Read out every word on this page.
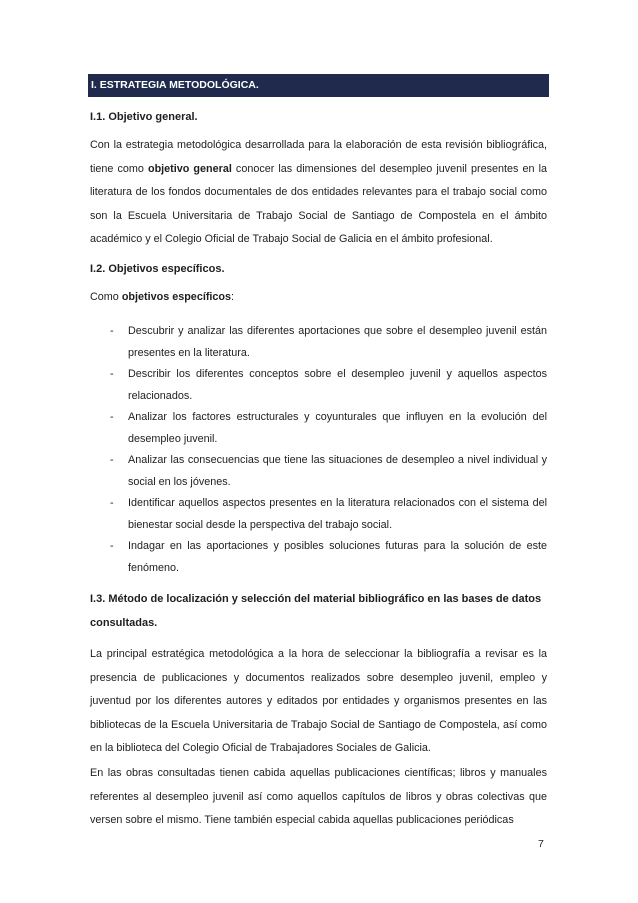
I. ESTRATEGIA METODOLÓGICA.
I.1. Objetivo general.

Con la estrategia metodológica desarrollada para la elaboración de esta revisión bibliográfica, tiene como objetivo general conocer las dimensiones del desempleo juvenil presentes en la literatura de los fondos documentales de dos entidades relevantes para el trabajo social como son la Escuela Universitaria de Trabajo Social de Santiago de Compostela en el ámbito académico y el Colegio Oficial de Trabajo Social de Galicia en el ámbito profesional.

I.2. Objetivos específicos.

Como objetivos específicos:

- Descubrir y analizar las diferentes aportaciones que sobre el desempleo juvenil están presentes en la literatura.
- Describir los diferentes conceptos sobre el desempleo juvenil y aquellos aspectos relacionados.
- Analizar los factores estructurales y coyunturales que influyen en la evolución del desempleo juvenil.
- Analizar las consecuencias que tiene las situaciones de desempleo a nivel individual y social en los jóvenes.
- Identificar aquellos aspectos presentes en la literatura relacionados con el sistema del bienestar social desde la perspectiva del trabajo social.
- Indagar en las aportaciones y posibles soluciones futuras para la solución de este fenómeno.
I.3. Método de localización y selección del material bibliográfico en las bases de datos
consultadas.

La principal estratégica metodológica a la hora de seleccionar la bibliografía a revisar es la presencia de publicaciones y documentos realizados sobre desempleo juvenil, empleo y juventud por los diferentes autores y editados por entidades y organismos presentes en las bibliotecas de la Escuela Universitaria de Trabajo Social de Santiago de Compostela, así como en la biblioteca del Colegio Oficial de Trabajadores Sociales de Galicia.

En las obras consultadas tienen cabida aquellas publicaciones científicas; libros y manuales referentes al desempleo juvenil así como aquellos capítulos de libros y obras colectivas que versen sobre el mismo. Tiene también especial cabida aquellas publicaciones periódicas

7
